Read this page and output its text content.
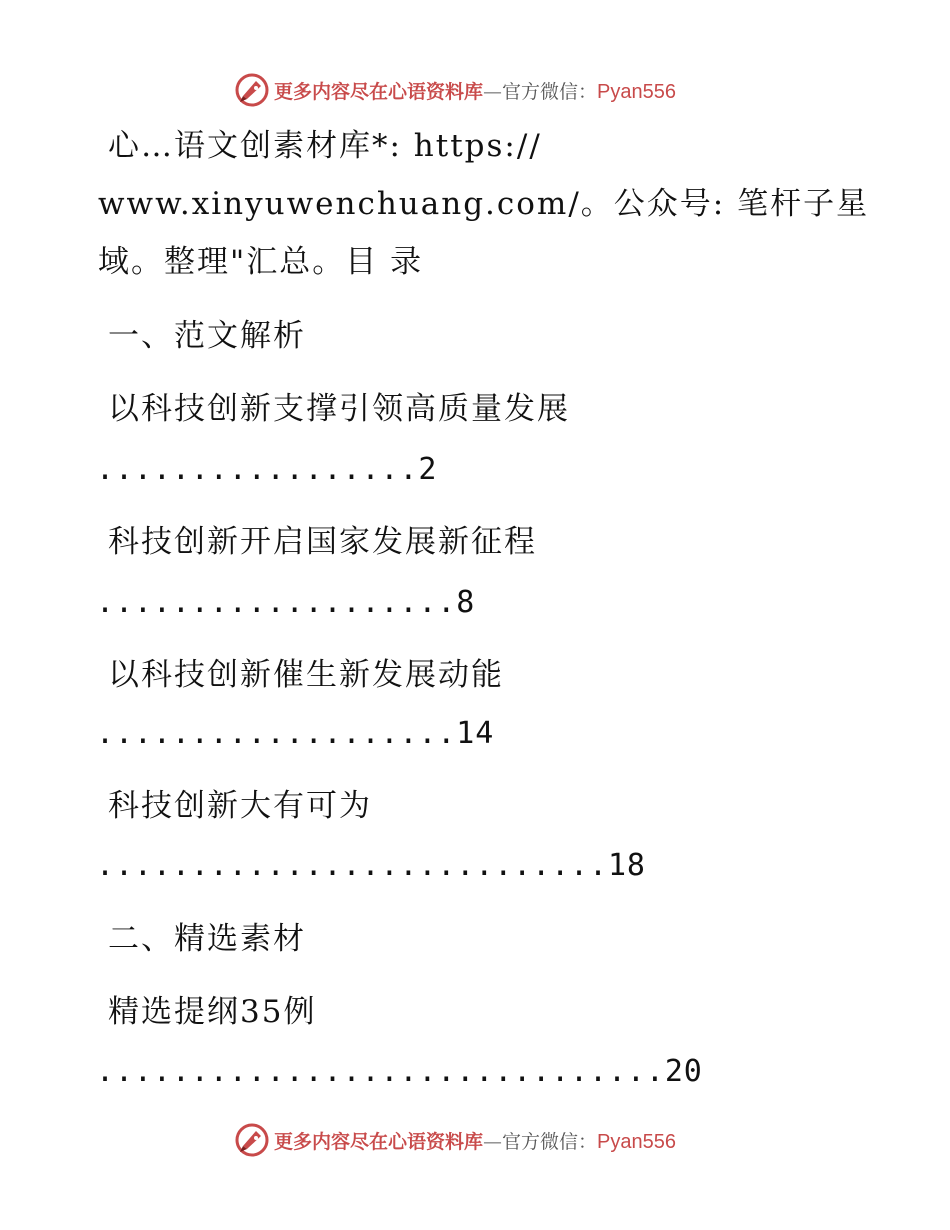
更多内容尽在心语资料库—官方微信：Pyan556
心…语文创素材库*: https://
www.xinyuwenchuang.com/。公众号: 笔杆子星
域。整理"汇总。目 录
一、范文解析
以科技创新支撑引领高质量发展
.................2
科技创新开启国家发展新征程
...................8
以科技创新催生新发展动能
...................14
科技创新大有可为
...........................18
二、精选素材
精选提纲35例
..............................20
更多内容尽在心语资料库—官方微信：Pyan556
